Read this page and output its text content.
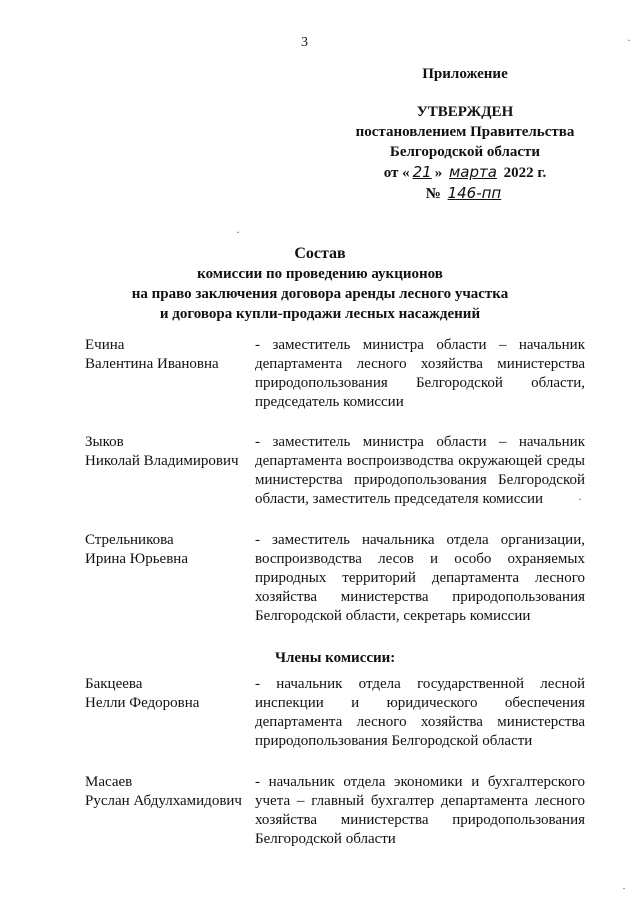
3
Приложение
УТВЕРЖДЕН
постановлением Правительства
Белгородской области
от « 21 » марта 2022 г.
№ 146-пп
Состав
комиссии по проведению аукционов
на право заключения договора аренды лесного участка
и договора купли-продажи лесных насаждений
Ечина
Валентина Ивановна
- заместитель министра области – начальник департамента лесного хозяйства министерства природопользования Белгородской области, председатель комиссии
Зыков
Николай Владимирович
- заместитель министра области – начальник департамента воспроизводства окружающей среды министерства природопользования Белгородской области, заместитель председателя комиссии
Стрельникова
Ирина Юрьевна
- заместитель начальника отдела организации, воспроизводства лесов и особо охраняемых природных территорий департамента лесного хозяйства министерства природопользования Белгородской области, секретарь комиссии
Члены комиссии:
Бакцеева
Нелли Федоровна
- начальник отдела государственной лесной инспекции и юридического обеспечения департамента лесного хозяйства министерства природопользования Белгородской области
Масаев
Руслан Абдулхамидович
- начальник отдела экономики и бухгалтерского учета – главный бухгалтер департамента лесного хозяйства министерства природопользования Белгородской области
·
·
·
·
